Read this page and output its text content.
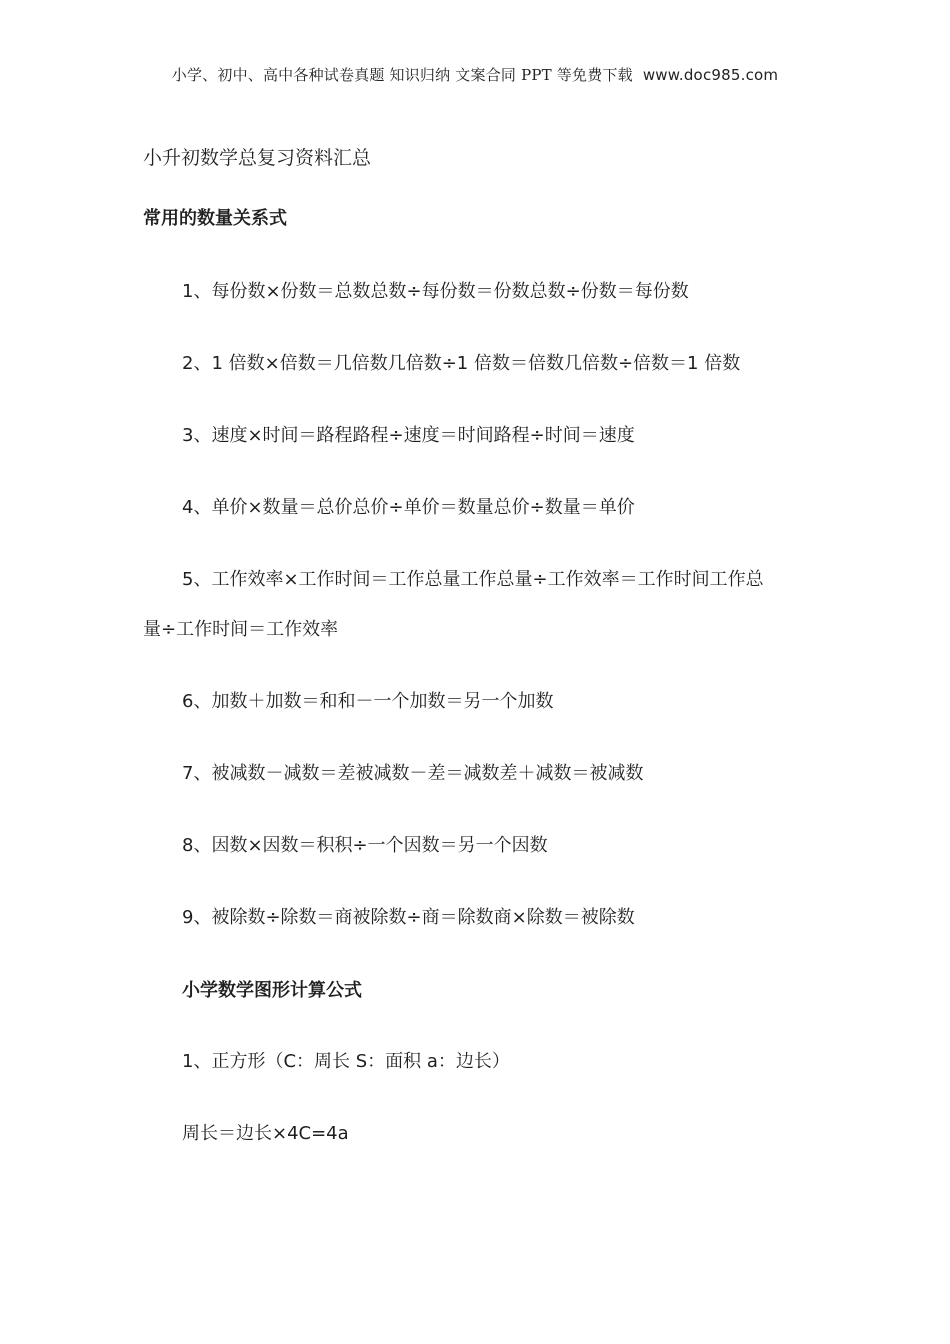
小学、初中、高中各种试卷真题 知识归纳 文案合同 PPT 等免费下载 www.doc985.com
小升初数学总复习资料汇总
常用的数量关系式
1、每份数×份数＝总数总数÷每份数＝份数总数÷份数＝每份数
2、1 倍数×倍数＝几倍数几倍数÷1 倍数＝倍数几倍数÷倍数＝1 倍数
3、速度×时间＝路程路程÷速度＝时间路程÷时间＝速度
4、单价×数量＝总价总价÷单价＝数量总价÷数量＝单价
5、工作效率×工作时间＝工作总量工作总量÷工作效率＝工作时间工作总
量÷工作时间＝工作效率
6、加数＋加数＝和和－一个加数＝另一个加数
7、被减数－减数＝差被减数－差＝减数差＋减数＝被减数
8、因数×因数＝积积÷一个因数＝另一个因数
9、被除数÷除数＝商被除数÷商＝除数商×除数＝被除数
小学数学图形计算公式
1、正方形（C：周长 S：面积 a：边长）
周长＝边长×4C=4a
